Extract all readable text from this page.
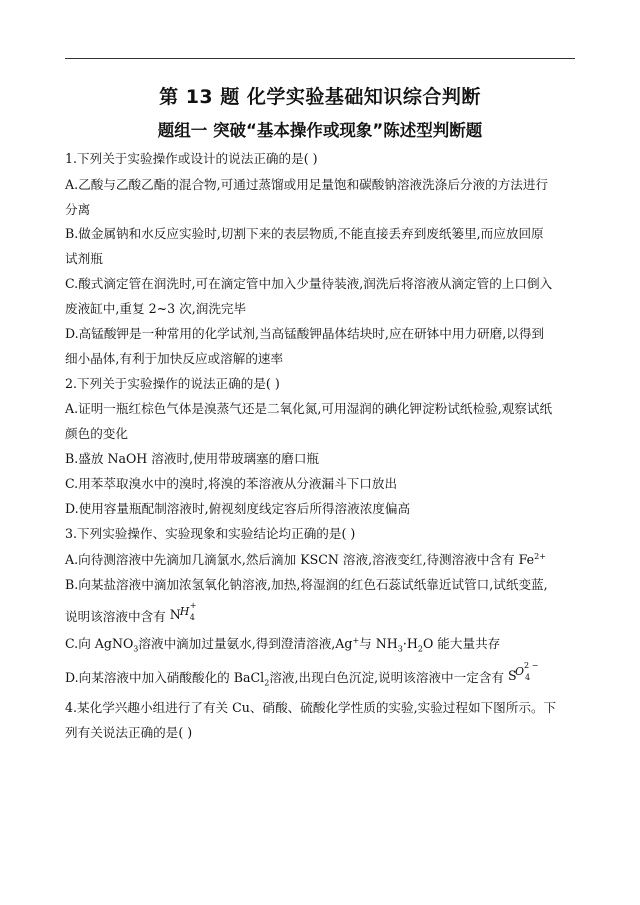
第 13 题 化学实验基础知识综合判断
题组一 突破“基本操作或现象”陈述型判断题
1.下列关于实验操作或设计的说法正确的是( )
A.乙酸与乙酸乙酯的混合物,可通过蒸馏或用足量饱和碳酸钠溶液洗涤后分液的方法进行
分离
B.做金属钠和水反应实验时,切割下来的表层物质,不能直接丢弃到废纸篓里,而应放回原
试剂瓶
C.酸式滴定管在润洗时,可在滴定管中加入少量待装液,润洗后将溶液从滴定管的上口倒入
废液缸中,重复 2~3 次,润洗完毕
D.高锰酸钾是一种常用的化学试剂,当高锰酸钾晶体结块时,应在研钵中用力研磨,以得到
细小晶体,有利于加快反应或溶解的速率
2.下列关于实验操作的说法正确的是( )
A.证明一瓶红棕色气体是溴蒸气还是二氧化氮,可用湿润的碘化钾淀粉试纸检验,观察试纸
颜色的变化
B.盛放 NaOH 溶液时,使用带玻璃塞的磨口瓶
C.用苯萃取溴水中的溴时,将溴的苯溶液从分液漏斗下口放出
D.使用容量瓶配制溶液时,俯视刻度线定容后所得溶液浓度偏高
3.下列实验操作、实验现象和实验结论均正确的是( )
A.向待测溶液中先滴加几滴氯水,然后滴加 KSCN 溶液,溶液变红,待测溶液中含有 $Fe^{2+}$
B.向某盐溶液中滴加浓氢氧化钠溶液,加热,将湿润的红色石蕊试纸靠近试管口,试纸变蓝,
说明该溶液中含有 N
H +
4
C.向 AgNO$_3$溶液中滴加过量氨水,得到澄清溶液,Ag+与 $NH_3\cdot H_2O$ 能大量共存
D.向某溶液中加入硝酸酸化的 BaCl$_2$溶液,出现白色沉淀,说明该溶液中一定含有 S
O 2 −
4
4.某化学兴趣小组进行了有关 Cu、硝酸、硫酸化学性质的实验,实验过程如下图所示。下
列有关说法正确的是( )
